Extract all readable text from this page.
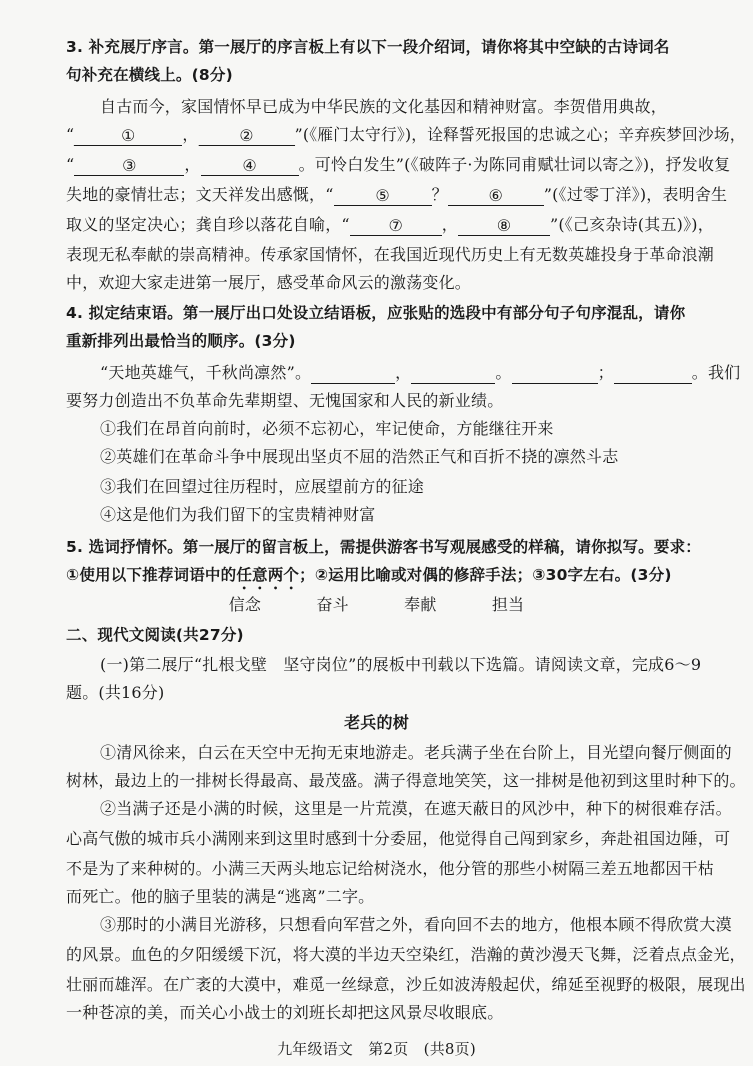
3. 补充展厅序言。第一展厅的序言板上有以下一段介绍词，请你将其中空缺的古诗词名
句补充在横线上。(8分)
自古而今，家国情怀早已成为中华民族的文化基因和精神财富。李贺借用典故，
“	①	，	②	”(《雁门太守行》)，诠释誓死报国的忠诚之心；辛弃疾梦回沙场，
“	③	，	④	。可怜白发生”(《破阵子·为陈同甫赋壮词以寄之》)，抒发收复
失地的豪情壮志；文天祥发出感慨，“	⑤	？	⑥	”(《过零丁洋》)，表明舍生
取义的坚定决心；龚自珍以落花自喻，“ ⑦ ， ⑧ ”(《己亥杂诗(其五)》)，
表现无私奉献的崇高精神。传承家国情怀，在我国近现代历史上有无数英雄投身于革命浪潮
中，欢迎大家走进第一展厅，感受革命风云的激荡变化。
4. 拟定结束语。第一展厅出口处设立结语板，应张贴的选段中有部分句子句序混乱，请你
重新排列出最恰当的顺序。(3分)
“天地英雄气，千秋尚凛然”。	，	。	；	。我们
要努力创造出不负革命先辈期望、无愧国家和人民的新业绩。
①我们在昂首向前时，必须不忘初心，牢记使命，方能继往开来
②英雄们在革命斗争中展现出坚贞不屈的浩然正气和百折不挠的凛然斗志
③我们在回望过往历程时，应展望前方的征途
④这是他们为我们留下的宝贵精神财富
5. 选词抒情怀。第一展厅的留言板上，需提供游客书写观展感受的样稿，请你拟写。要求：
①使用以下推荐词语中的任意两个；②运用比喻或对偶的修辞手法；③30字左右。(3分)
信念	奋斗	奉献	担当
二、现代文阅读(共27分)
(一)第二展厅“扎根戈壁　坚守岗位”的展板中刊载以下选篇。请阅读文章，完成6～9
题。(共16分)
老兵的树
①清风徐来，白云在天空中无拘无束地游走。老兵满子坐在台阶上，目光望向餐厅侧面的
树林，最边上的一排树长得最高、最茂盛。满子得意地笑笑，这一排树是他初到这里时种下的。
②当满子还是小满的时候，这里是一片荒漠，在遮天蔽日的风沙中，种下的树很难存活。
心高气傲的城市兵小满刚来到这里时感到十分委屈，他觉得自己闯到家乡，奔赴祖国边陲，可
不是为了来种树的。小满三天两头地忘记给树浇水，他分管的那些小树隔三差五地都因干枯
而死亡。他的脑子里装的满是“逃离”二字。
③那时的小满目光游移，只想看向军营之外，看向回不去的地方，他根本顾不得欣赏大漠
的风景。血色的夕阳缓缓下沉，将大漠的半边天空染红，浩瀚的黄沙漫天飞舞，泛着点点金光，
壮丽而雄浑。在广袤的大漠中，难觅一丝绿意，沙丘如波涛般起伏，绵延至视野的极限，展现出
一种苍凉的美，而关心小战士的刘班长却把这风景尽收眼底。
九年级语文　第2页　(共8页)
